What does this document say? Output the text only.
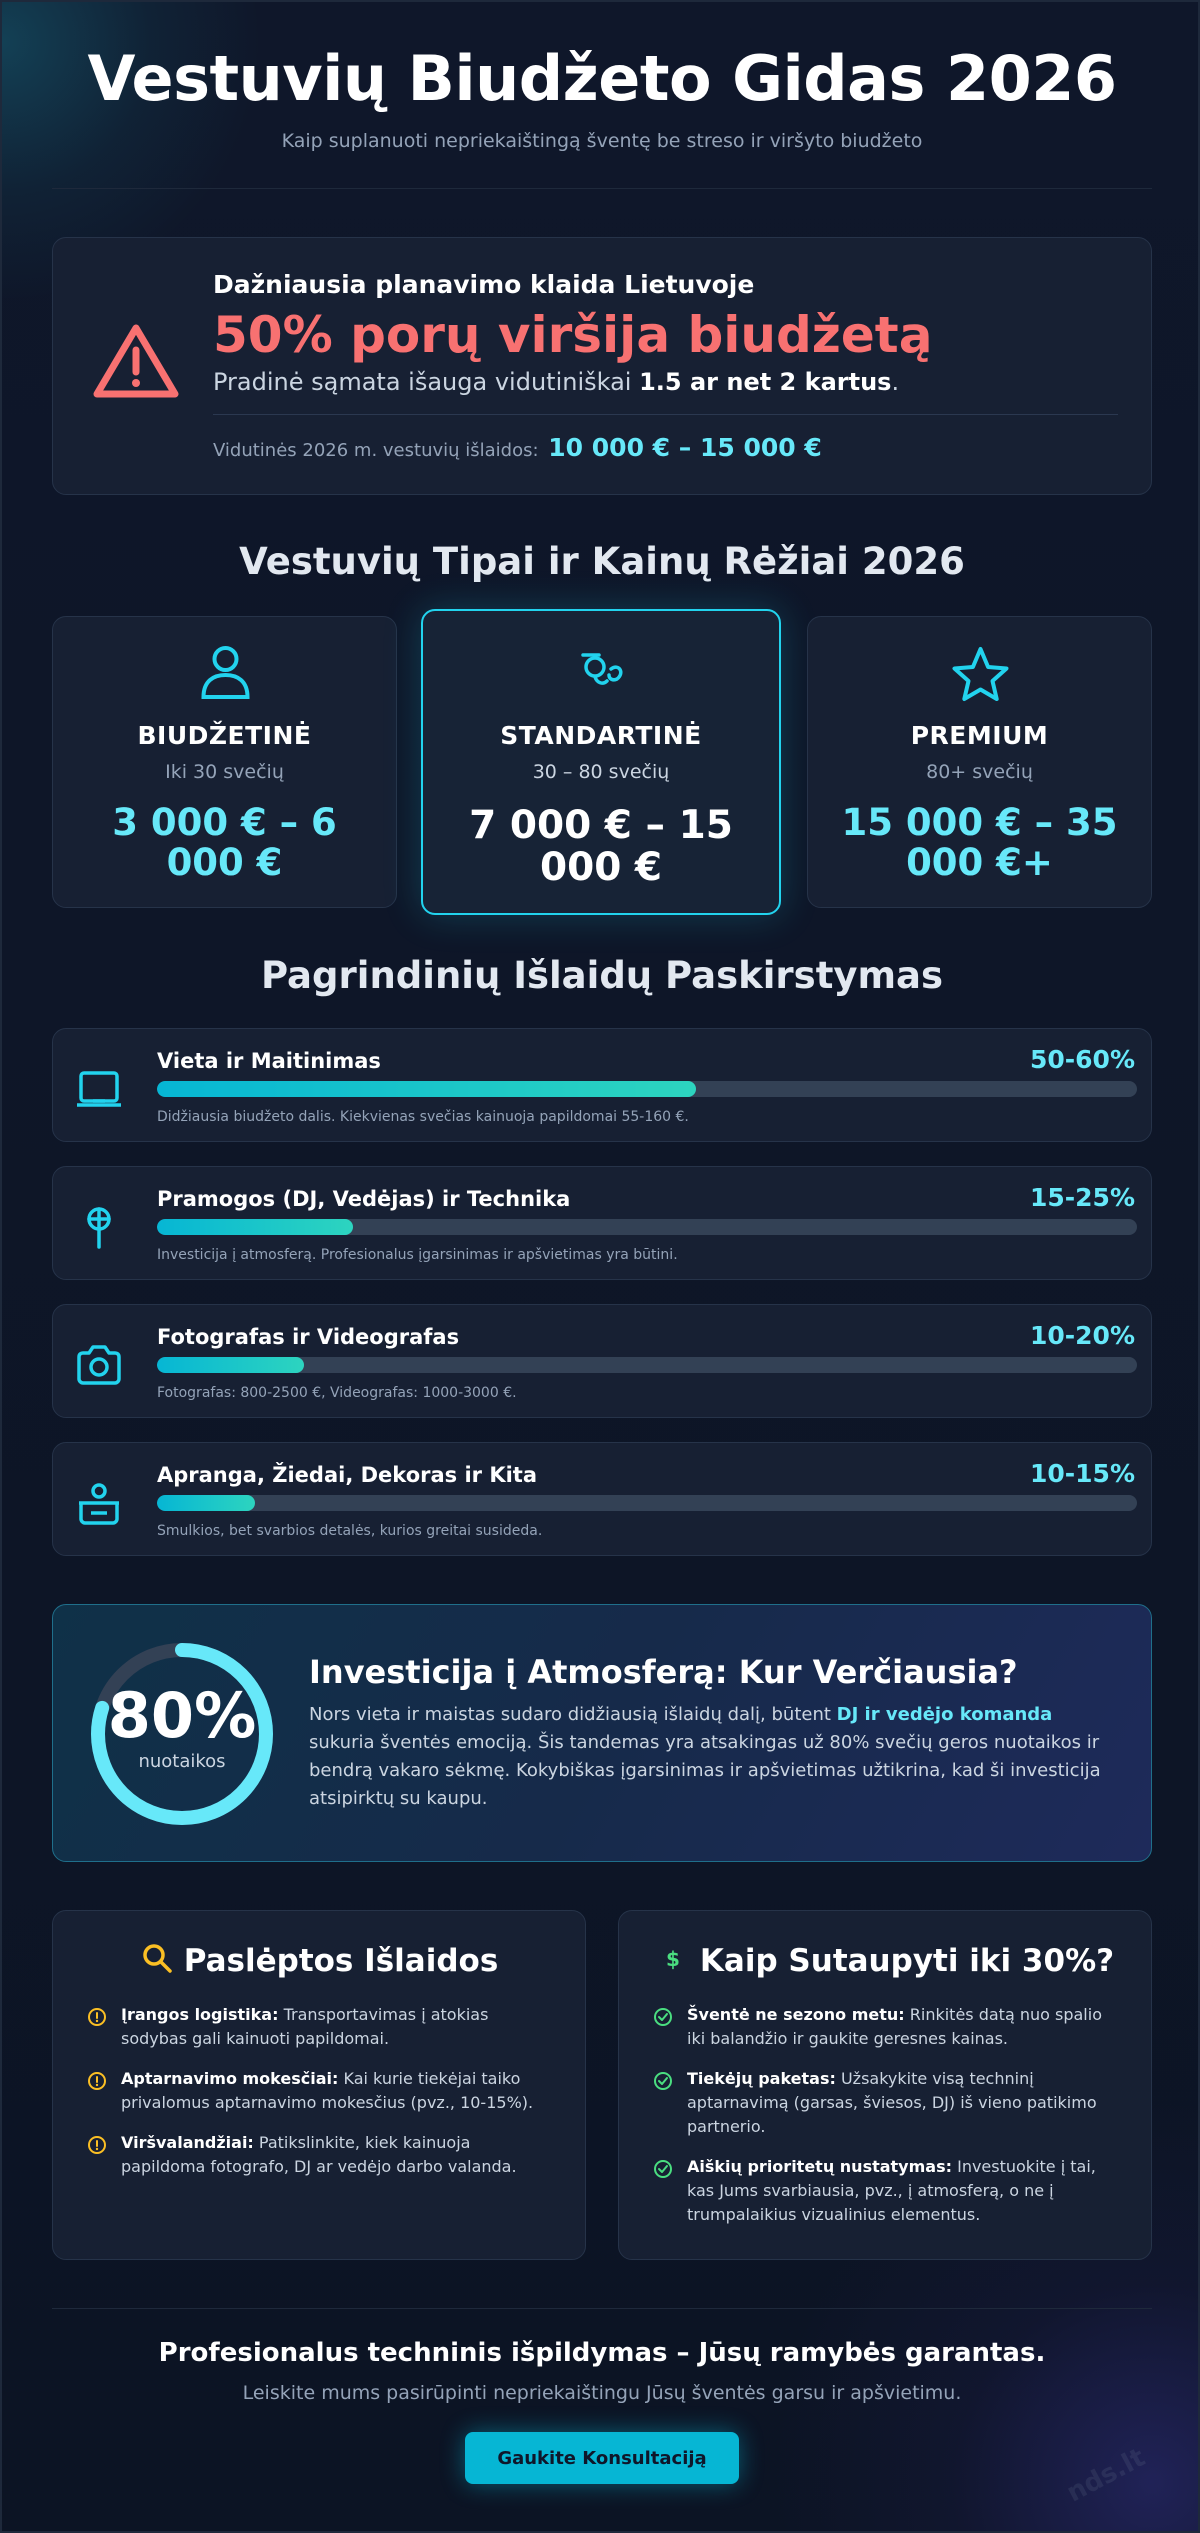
Vestuvių Biudžeto Gidas 2026
Kaip suplanuoti nepriekaištingą šventę be streso ir viršyto biudžeto
Dažniausia planavimo klaida Lietuvoje
50% porų viršija biudžetą
Pradinė sąmata išauga vidutiniškai 1.5 ar net 2 kartus.
Vidutinės 2026 m. vestuvių išlaidos: 10 000 € – 15 000 €
Vestuvių Tipai ir Kainų Rėžiai 2026
BIUDŽETINĖ
Iki 30 svečių
3 000 € – 6 000 €
STANDARTINĖ
30 – 80 svečių
7 000 € – 15 000 €
PREMIUM
80+ svečių
15 000 € – 35 000 €+
Pagrindinių Išlaidų Paskirstymas
Vieta ir Maitinimas	50-60%
Didžiausia biudžeto dalis. Kiekvienas svečias kainuoja papildomai 55-160 €.
Pramogos (DJ, Vedėjas) ir Technika	15-25%
Investicija į atmosferą. Profesionalus įgarsinimas ir apšvietimas yra būtini.
Fotografas ir Videografas	10-20%
Fotografas: 800-2500 €, Videografas: 1000-3000 €.
Apranga, Žiedai, Dekoras ir Kita	10-15%
Smulkios, bet svarbios detalės, kurios greitai susideda.
80%
nuotaikos
Investicija į Atmosferą: Kur Verčiausia?
Nors vieta ir maistas sudaro didžiausią išlaidų dalį, būtent DJ ir vedėjo komanda sukuria šventės emociją. Šis tandemas yra atsakingas už 80% svečių geros nuotaikos ir bendrą vakaro sėkmę. Kokybiškas įgarsinimas ir apšvietimas užtikrina, kad ši investicija atsipirktų su kaupu.
Paslėptos Išlaidos
Įrangos logistika: Transportavimas į atokias sodybas gali kainuoti papildomai.
Aptarnavimo mokesčiai: Kai kurie tiekėjai taiko privalomus aptarnavimo mokesčius (pvz., 10-15%).
Viršvalandžiai: Patikslinkite, kiek kainuoja papildoma fotografo, DJ ar vedėjo darbo valanda.
$ Kaip Sutaupyti iki 30%?
Šventė ne sezono metu: Rinkitės datą nuo spalio iki balandžio ir gaukite geresnes kainas.
Tiekėjų paketas: Užsakykite visą techninį aptarnavimą (garsas, šviesos, DJ) iš vieno patikimo partnerio.
Aiškių prioritetų nustatymas: Investuokite į tai, kas Jums svarbiausia, pvz., į atmosferą, o ne į trumpalaikius vizualinius elementus.
Profesionalus techninis išpildymas – Jūsų ramybės garantas.
Leiskite mums pasirūpinti nepriekaištingu Jūsų šventės garsu ir apšvietimu.
Gaukite Konsultaciją	nds.lt
